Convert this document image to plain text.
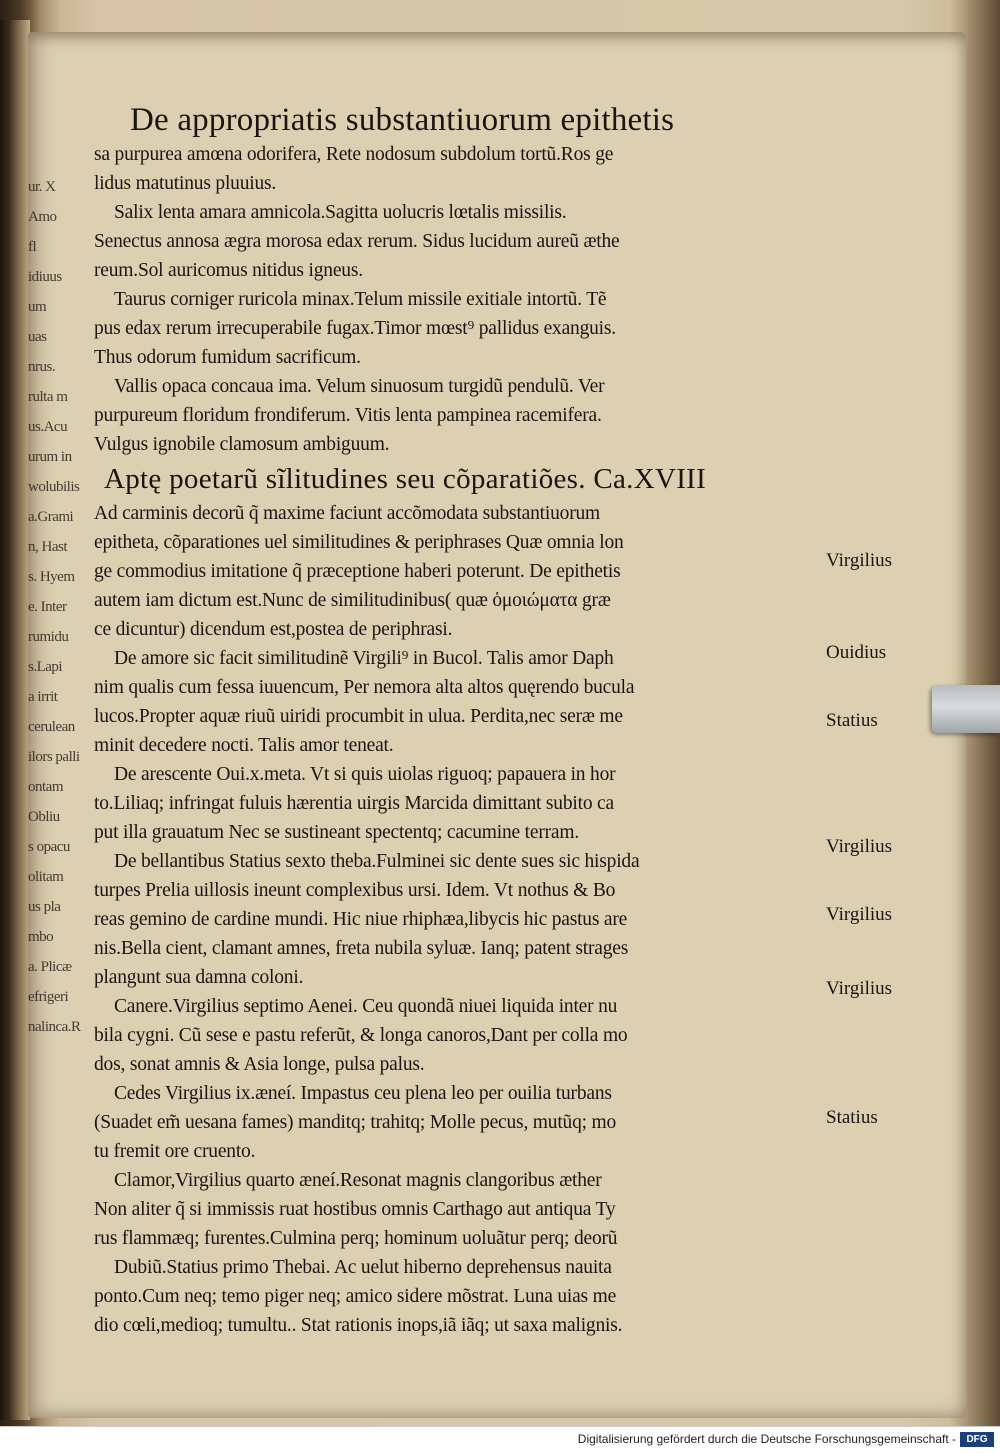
ur. X
Amo
fl
idiuus
um
uas
nrus.
rulta m
us.Acu
urum in
wolubilis
a.Grami
n, Hast
s. Hyem
e. Inter
rumidu
s.Lapi
a irrit
cerulean
ilors palli
ontam
Obliu
s opacu
olitam
us pla
mbo
a. Plicæ
efrigeri
nalinca.R
De appropriatis substantiuorum epithetis
sa purpurea amœna odorifera, Rete nodosum subdolum tortũ.Ros ge
lidus matutinus pluuius.
Salix lenta amara amnicola.Sagitta uolucris lœtalis missilis.
Senectus annosa ægra morosa edax rerum. Sidus lucidum aureũ æthe
reum.Sol auricomus nitidus igneus.
Taurus corniger ruricola minax.Telum missile exitiale intortũ. Tẽ
pus edax rerum irrecuperabile fugax.Timor mœst⁹ pallidus exanguis.
Thus odorum fumidum sacrificum.
Vallis opaca concaua ima. Velum sinuosum turgidũ pendulũ. Ver
purpureum floridum frondiferum. Vitis lenta pampinea racemifera.
Vulgus ignobile clamosum ambiguum.
Aptę poetarũ sĩlitudines seu cõparatiões. Ca.XVIII
Ad carminis decorũ q̃ maxime faciunt accõmodata substantiuorum
epitheta, cõparationes uel similitudines & periphrases Quæ omnia lon
ge commodius imitatione q̃ præceptione haberi poterunt. De epithetis
autem iam dictum est.Nunc de similitudinibus( quæ ὁμοιώματα græ
ce dicuntur) dicendum est,postea de periphrasi.
De amore sic facit similitudinẽ Virgili⁹ in Bucol. Talis amor Daph
nim qualis cum fessa iuuencum, Per nemora alta altos quęrendo bucula
lucos.Propter aquæ riuũ uiridi procumbit in ulua. Perdita,nec seræ me
minit decedere nocti. Talis amor teneat.
De arescente Oui.x.meta. Vt si quis uiolas riguoq; papauera in hor
to.Liliaq; infringat fuluis hærentia uirgis Marcida dimittant subito ca
put illa grauatum Nec se sustineant spectentq; cacumine terram.
De bellantibus Statius sexto theba.Fulminei sic dente sues sic hispida
turpes Prelia uillosis ineunt complexibus ursi. Idem. Vt nothus & Bo
reas gemino de cardine mundi. Hic niue rhiphæa,libycis hic pastus are
nis.Bella cient, clamant amnes, freta nubila syluæ. Ianq; patent strages
plangunt sua damna coloni.
Canere.Virgilius septimo Aenei. Ceu quondã niuei liquida inter nu
bila cygni. Cũ sese e pastu referũt, & longa canoros,Dant per colla mo
dos, sonat amnis & Asia longe, pulsa palus.
Cedes Virgilius ix.æneí. Impastus ceu plena leo per ouilia turbans
(Suadet em̃ uesana fames) manditq; trahitq; Molle pecus, mutũq; mo
tu fremit ore cruento.
Clamor,Virgilius quarto æneí.Resonat magnis clangoribus æther
Non aliter q̃ si immissis ruat hostibus omnis Carthago aut antiqua Ty
rus flammæq; furentes.Culmina perq; hominum uoluãtur perq; deorũ
Dubiũ.Statius primo Thebai. Ac uelut hiberno deprehensus nauita
ponto.Cum neq; temo piger neq; amico sidere mõstrat. Luna uias me
dio cœli,medioq; tumultu.. Stat rationis inops,iã iãq; ut saxa malignis.
Virgilius
Ouidius
Statius
Virgilius
Virgilius
Virgilius
Statius
Digitalisierung gefördert durch die Deutsche Forschungsgemeinschaft -	DFG
